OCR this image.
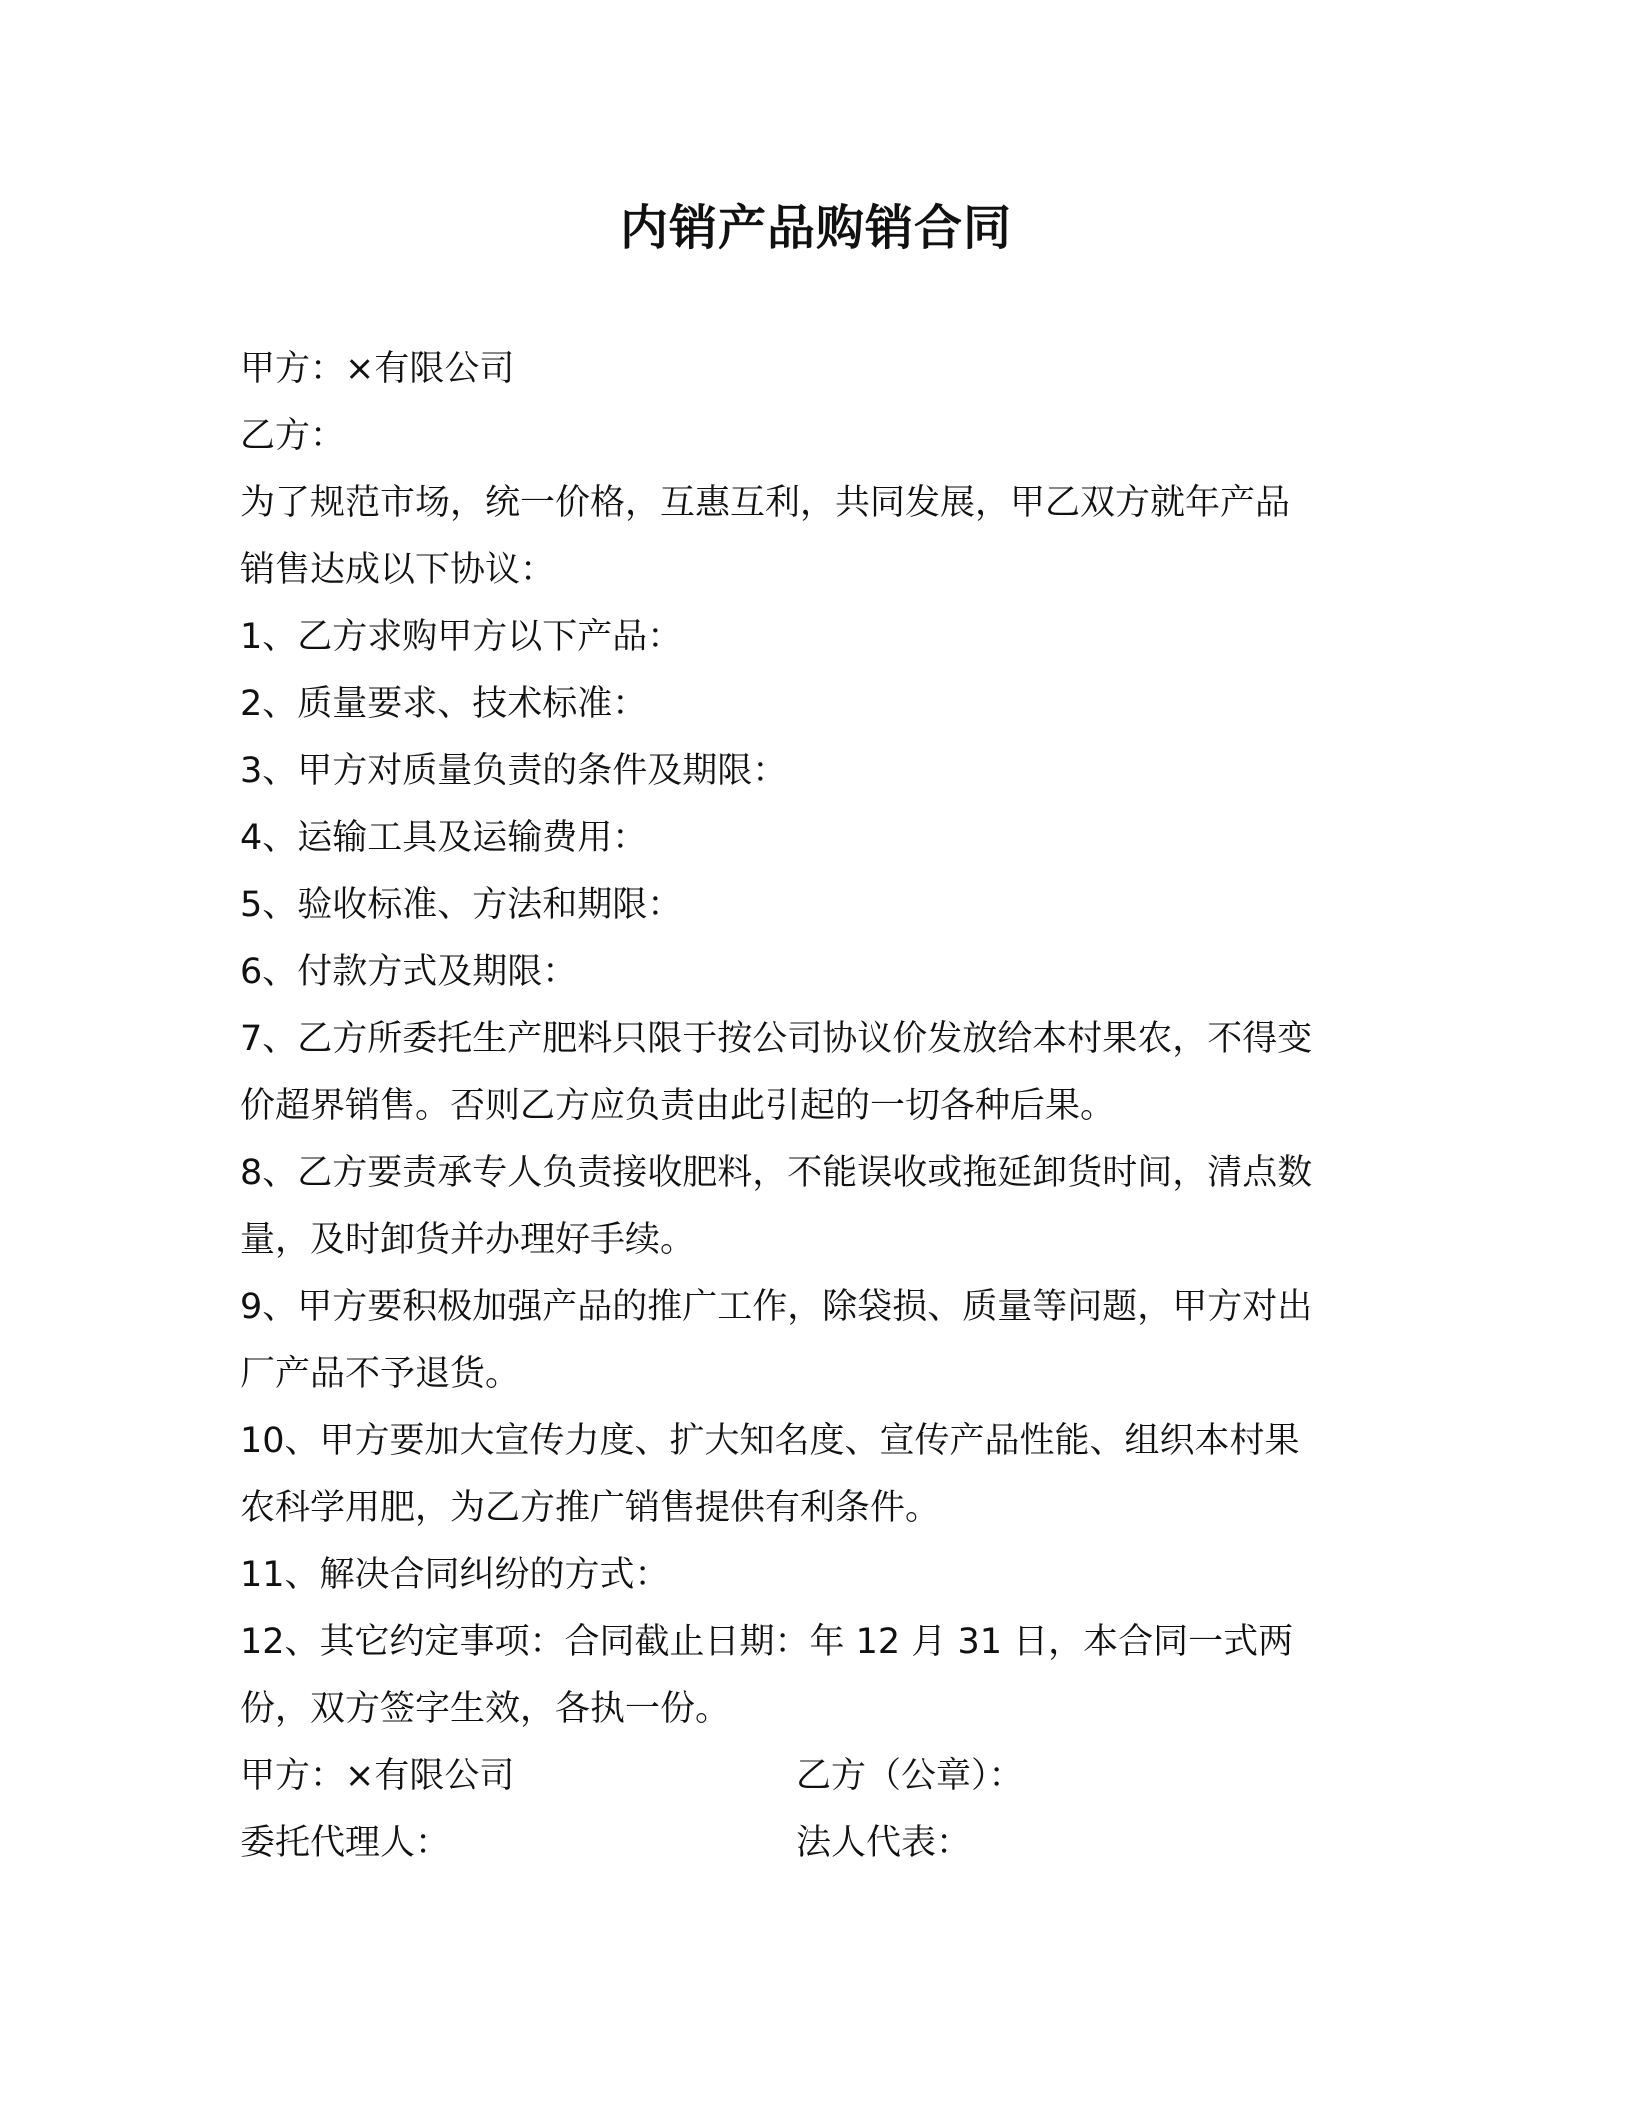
内销产品购销合同
甲方：×有限公司
乙方：
为了规范市场，统一价格，互惠互利，共同发展，甲乙双方就年产品
销售达成以下协议：
1、乙方求购甲方以下产品：
2、质量要求、技术标准：
3、甲方对质量负责的条件及期限：
4、运输工具及运输费用：
5、验收标准、方法和期限：
6、付款方式及期限：
7、乙方所委托生产肥料只限于按公司协议价发放给本村果农，不得变
价超界销售。否则乙方应负责由此引起的一切各种后果。
8、乙方要责承专人负责接收肥料，不能误收或拖延卸货时间，清点数
量，及时卸货并办理好手续。
9、甲方要积极加强产品的推广工作，除袋损、质量等问题，甲方对出
厂产品不予退货。
10、甲方要加大宣传力度、扩大知名度、宣传产品性能、组织本村果
农科学用肥，为乙方推广销售提供有利条件。
11、解决合同纠纷的方式：
12、其它约定事项：合同截止日期：年 12 月 31 日，本合同一式两
份，双方签字生效，各执一份。
甲方：×有限公司	乙方（公章）：
委托代理人：	法人代表：
